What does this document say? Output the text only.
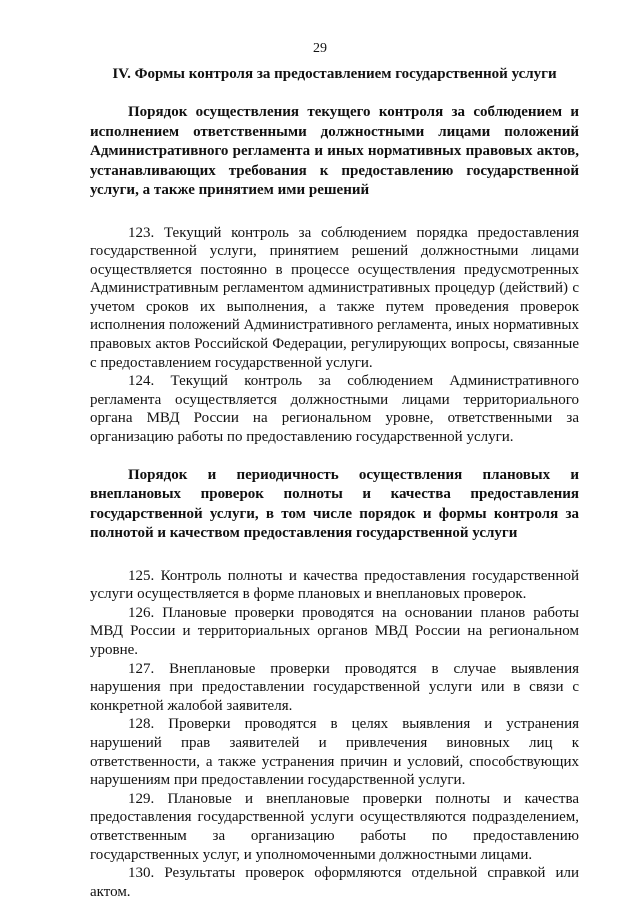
29

IV. Формы контроля за предоставлением государственной услуги

Порядок осуществления текущего контроля за соблюдением и исполнением ответственными должностными лицами положений Административного регламента и иных нормативных правовых актов, устанавливающих требования к предоставлению государственной услуги, а также принятием ими решений

123. Текущий контроль за соблюдением порядка предоставления государственной услуги, принятием решений должностными лицами осуществляется постоянно в процессе осуществления предусмотренных Административным регламентом административных процедур (действий) с учетом сроков их выполнения, а также путем проведения проверок исполнения положений Административного регламента, иных нормативных правовых актов Российской Федерации, регулирующих вопросы, связанные с предоставлением государственной услуги.

124. Текущий контроль за соблюдением Административного регламента осуществляется должностными лицами территориального органа МВД России на региональном уровне, ответственными за организацию работы по предоставлению государственной услуги.

Порядок и периодичность осуществления плановых и внеплановых проверок полноты и качества предоставления государственной услуги, в том числе порядок и формы контроля за полнотой и качеством предоставления государственной услуги

125. Контроль полноты и качества предоставления государственной услуги осуществляется в форме плановых и внеплановых проверок.

126. Плановые проверки проводятся на основании планов работы МВД России и территориальных органов МВД России на региональном уровне.

127. Внеплановые проверки проводятся в случае выявления нарушения при предоставлении государственной услуги или в связи с конкретной жалобой заявителя.

128. Проверки проводятся в целях выявления и устранения нарушений прав заявителей и привлечения виновных лиц к ответственности, а также устранения причин и условий, способствующих нарушениям при предоставлении государственной услуги.

129. Плановые и внеплановые проверки полноты и качества предоставления государственной услуги осуществляются подразделением, ответственным за организацию работы по предоставлению государственных услуг, и уполномоченными должностными лицами.

130. Результаты проверок оформляются отдельной справкой или актом.
